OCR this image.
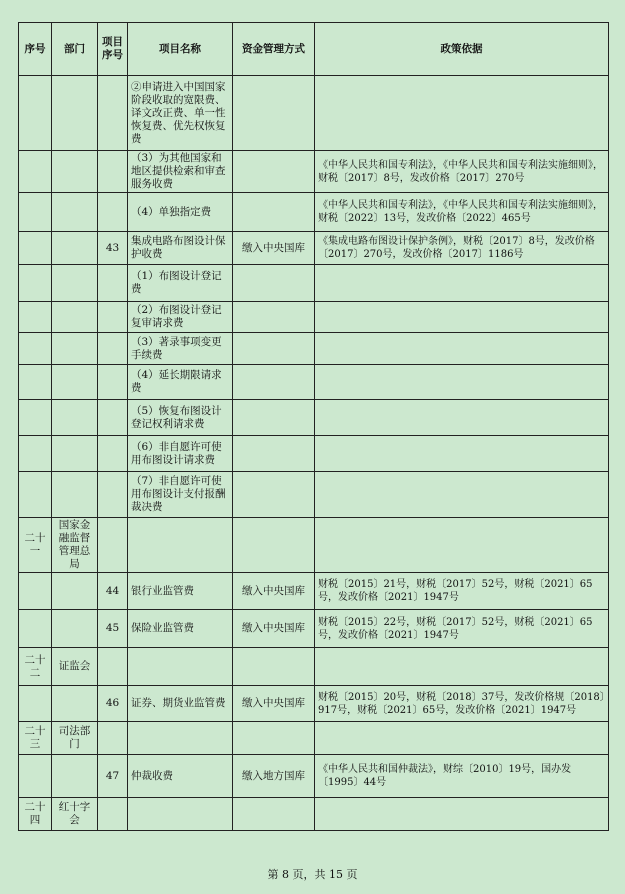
序号	部门	项目序号	项目名称	资金管理方式	政策依据
			②申请进入中国国家阶段收取的宽限费、译文改正费、单一性恢复费、优先权恢复费		
			（3）为其他国家和地区提供检索和审查服务收费		《中华人民共和国专利法》，《中华人民共和国专利法实施细则》，财税〔2017〕8号，发改价格〔2017〕270号
			（4）单独指定费		《中华人民共和国专利法》，《中华人民共和国专利法实施细则》，财税〔2022〕13号，发改价格〔2022〕465号
		43	集成电路布图设计保护收费	缴入中央国库	《集成电路布图设计保护条例》，财税〔2017〕8号，发改价格〔2017〕270号，发改价格〔2017〕1186号
			（1）布图设计登记费		
			（2）布图设计登记复审请求费		
			（3）著录事项变更手续费		
			（4）延长期限请求费		
			（5）恢复布图设计登记权利请求费		
			（6）非自愿许可使用布图设计请求费		
			（7）非自愿许可使用布图设计支付报酬裁决费		
二十一	国家金融监督管理总局				
		44	银行业监管费	缴入中央国库	财税〔2015〕21号，财税〔2017〕52号，财税〔2021〕65号，发改价格〔2021〕1947号
		45	保险业监管费	缴入中央国库	财税〔2015〕22号，财税〔2017〕52号，财税〔2021〕65号，发改价格〔2021〕1947号
二十二	证监会				
		46	证券、期货业监管费	缴入中央国库	财税〔2015〕20号，财税〔2018〕37号，发改价格规〔2018〕917号，财税〔2021〕65号，发改价格〔2021〕1947号
二十三	司法部门				
		47	仲裁收费	缴入地方国库	《中华人民共和国仲裁法》，财综〔2010〕19号，国办发〔1995〕44号
二十四	红十字会				
第 8 页，共 15 页
